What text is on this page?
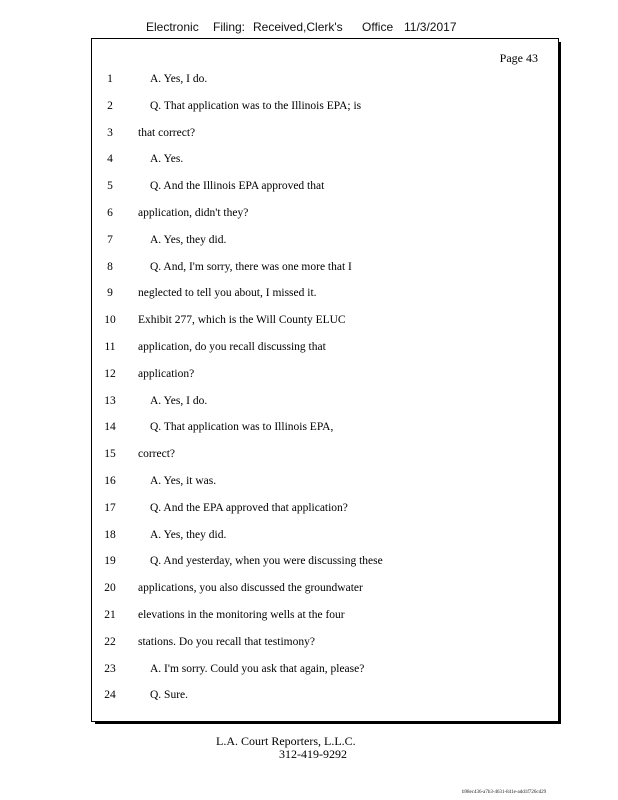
Electronic Filing: Received,Clerk's Office 11/3/2017
Page 43
1	A. Yes, I do.
2	Q. That application was to the Illinois EPA; is
3	that correct?
4	A. Yes.
5	Q. And the Illinois EPA approved that
6	application, didn't they?
7	A. Yes, they did.
8	Q. And, I'm sorry, there was one more that I
9	neglected to tell you about, I missed it.
10 Exhibit 277, which is the Will County ELUC
11 application, do you recall discussing that
12 application?
13	A. Yes, I do.
14	Q. That application was to Illinois EPA,
15 correct?
16	A. Yes, it was.
17	Q. And the EPA approved that application?
18	A. Yes, they did.
19	Q. And yesterday, when you were discussing these
20 applications, you also discussed the groundwater
21 elevations in the monitoring wells at the four
22 stations. Do you recall that testimony?
23	A. I'm sorry. Could you ask that again, please?
24	Q. Sure.
L.A. Court Reporters, L.L.C.
312-419-9292
b98ec436-a7b3-4631-841e-add1f726cd29
